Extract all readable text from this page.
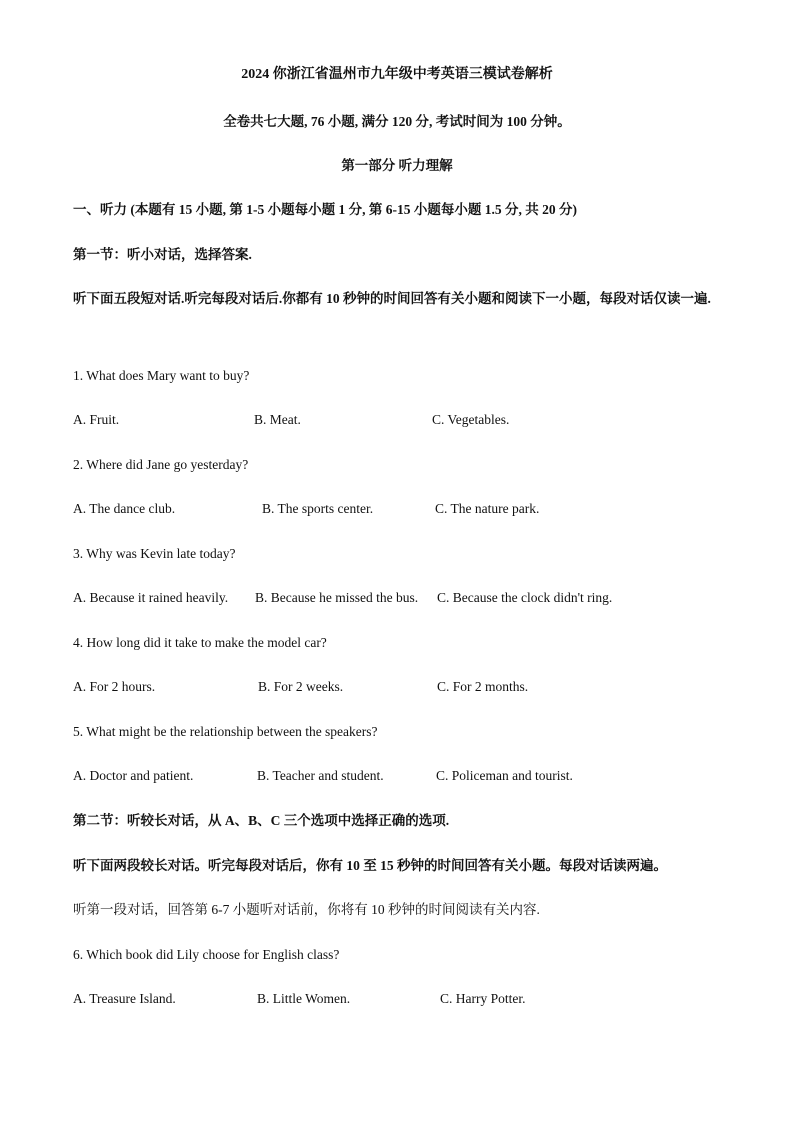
2024 你浙江省温州市九年级中考英语三模试卷解析
全卷共七大题, 76 小题, 满分 120 分, 考试时间为 100 分钟。
第一部分 听力理解
一、听力 (本题有 15 小题, 第 1-5 小题每小题 1 分, 第 6-15 小题每小题 1.5 分, 共 20 分)
第一节：听小对话，选择答案.
听下面五段短对话.听完每段对话后.你都有 10 秒钟的时间回答有关小题和阅读下一小题，每段对话仅读一遍.
1. What does Mary want to buy?
A. Fruit.	B. Meat.	C. Vegetables.
2. Where did Jane go yesterday?
A. The dance club.	B. The sports center.	C. The nature park.
3. Why was Kevin late today?
A. Because it rained heavily. B. Because he missed the bus. C. Because the clock didn't ring.
4. How long did it take to make the model car?
A. For 2 hours.	B. For 2 weeks.	C. For 2 months.
5. What might be the relationship between the speakers?
A. Doctor and patient.	B. Teacher and student.	C. Policeman and tourist.
第二节：听较长对话，从 A、B、C 三个选项中选择正确的选项.
听下面两段较长对话。听完每段对话后，你有 10 至 15 秒钟的时间回答有关小题。每段对话读两遍。
听第一段对话，回答第 6-7 小题听对话前，你将有 10 秒钟的时间阅读有关内容.
6. Which book did Lily choose for English class?
A. Treasure Island.	B. Little Women.	C. Harry Potter.
